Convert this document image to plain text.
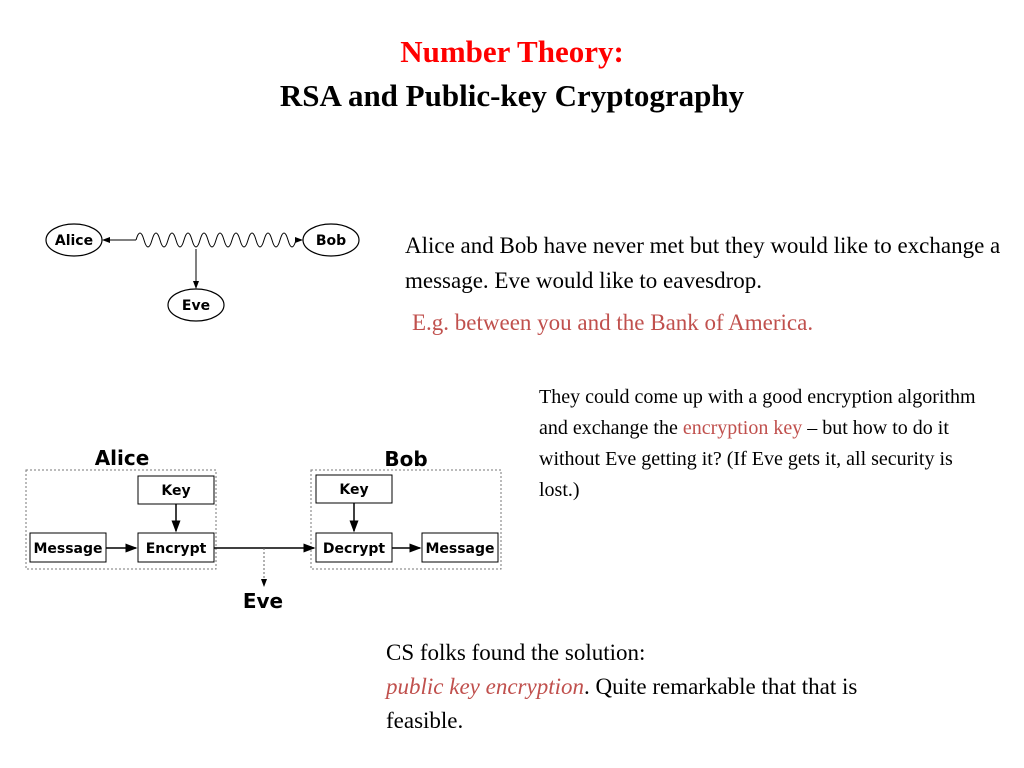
Number Theory:
RSA and Public-key Cryptography
Alice	Bob
Eve
Alice and Bob have never met but they would like to exchange a message. Eve would like to eavesdrop.
E.g. between you and the Bank of America.
They could come up with a good encryption algorithm and exchange the encryption key – but how to do it without Eve getting it? (If Eve gets it, all security is lost.)
Alice	Bob
Key
Message	Encrypt
Key
Decrypt	Message
Eve
CS folks found the solution:
public key encryption. Quite remarkable that that is feasible.
